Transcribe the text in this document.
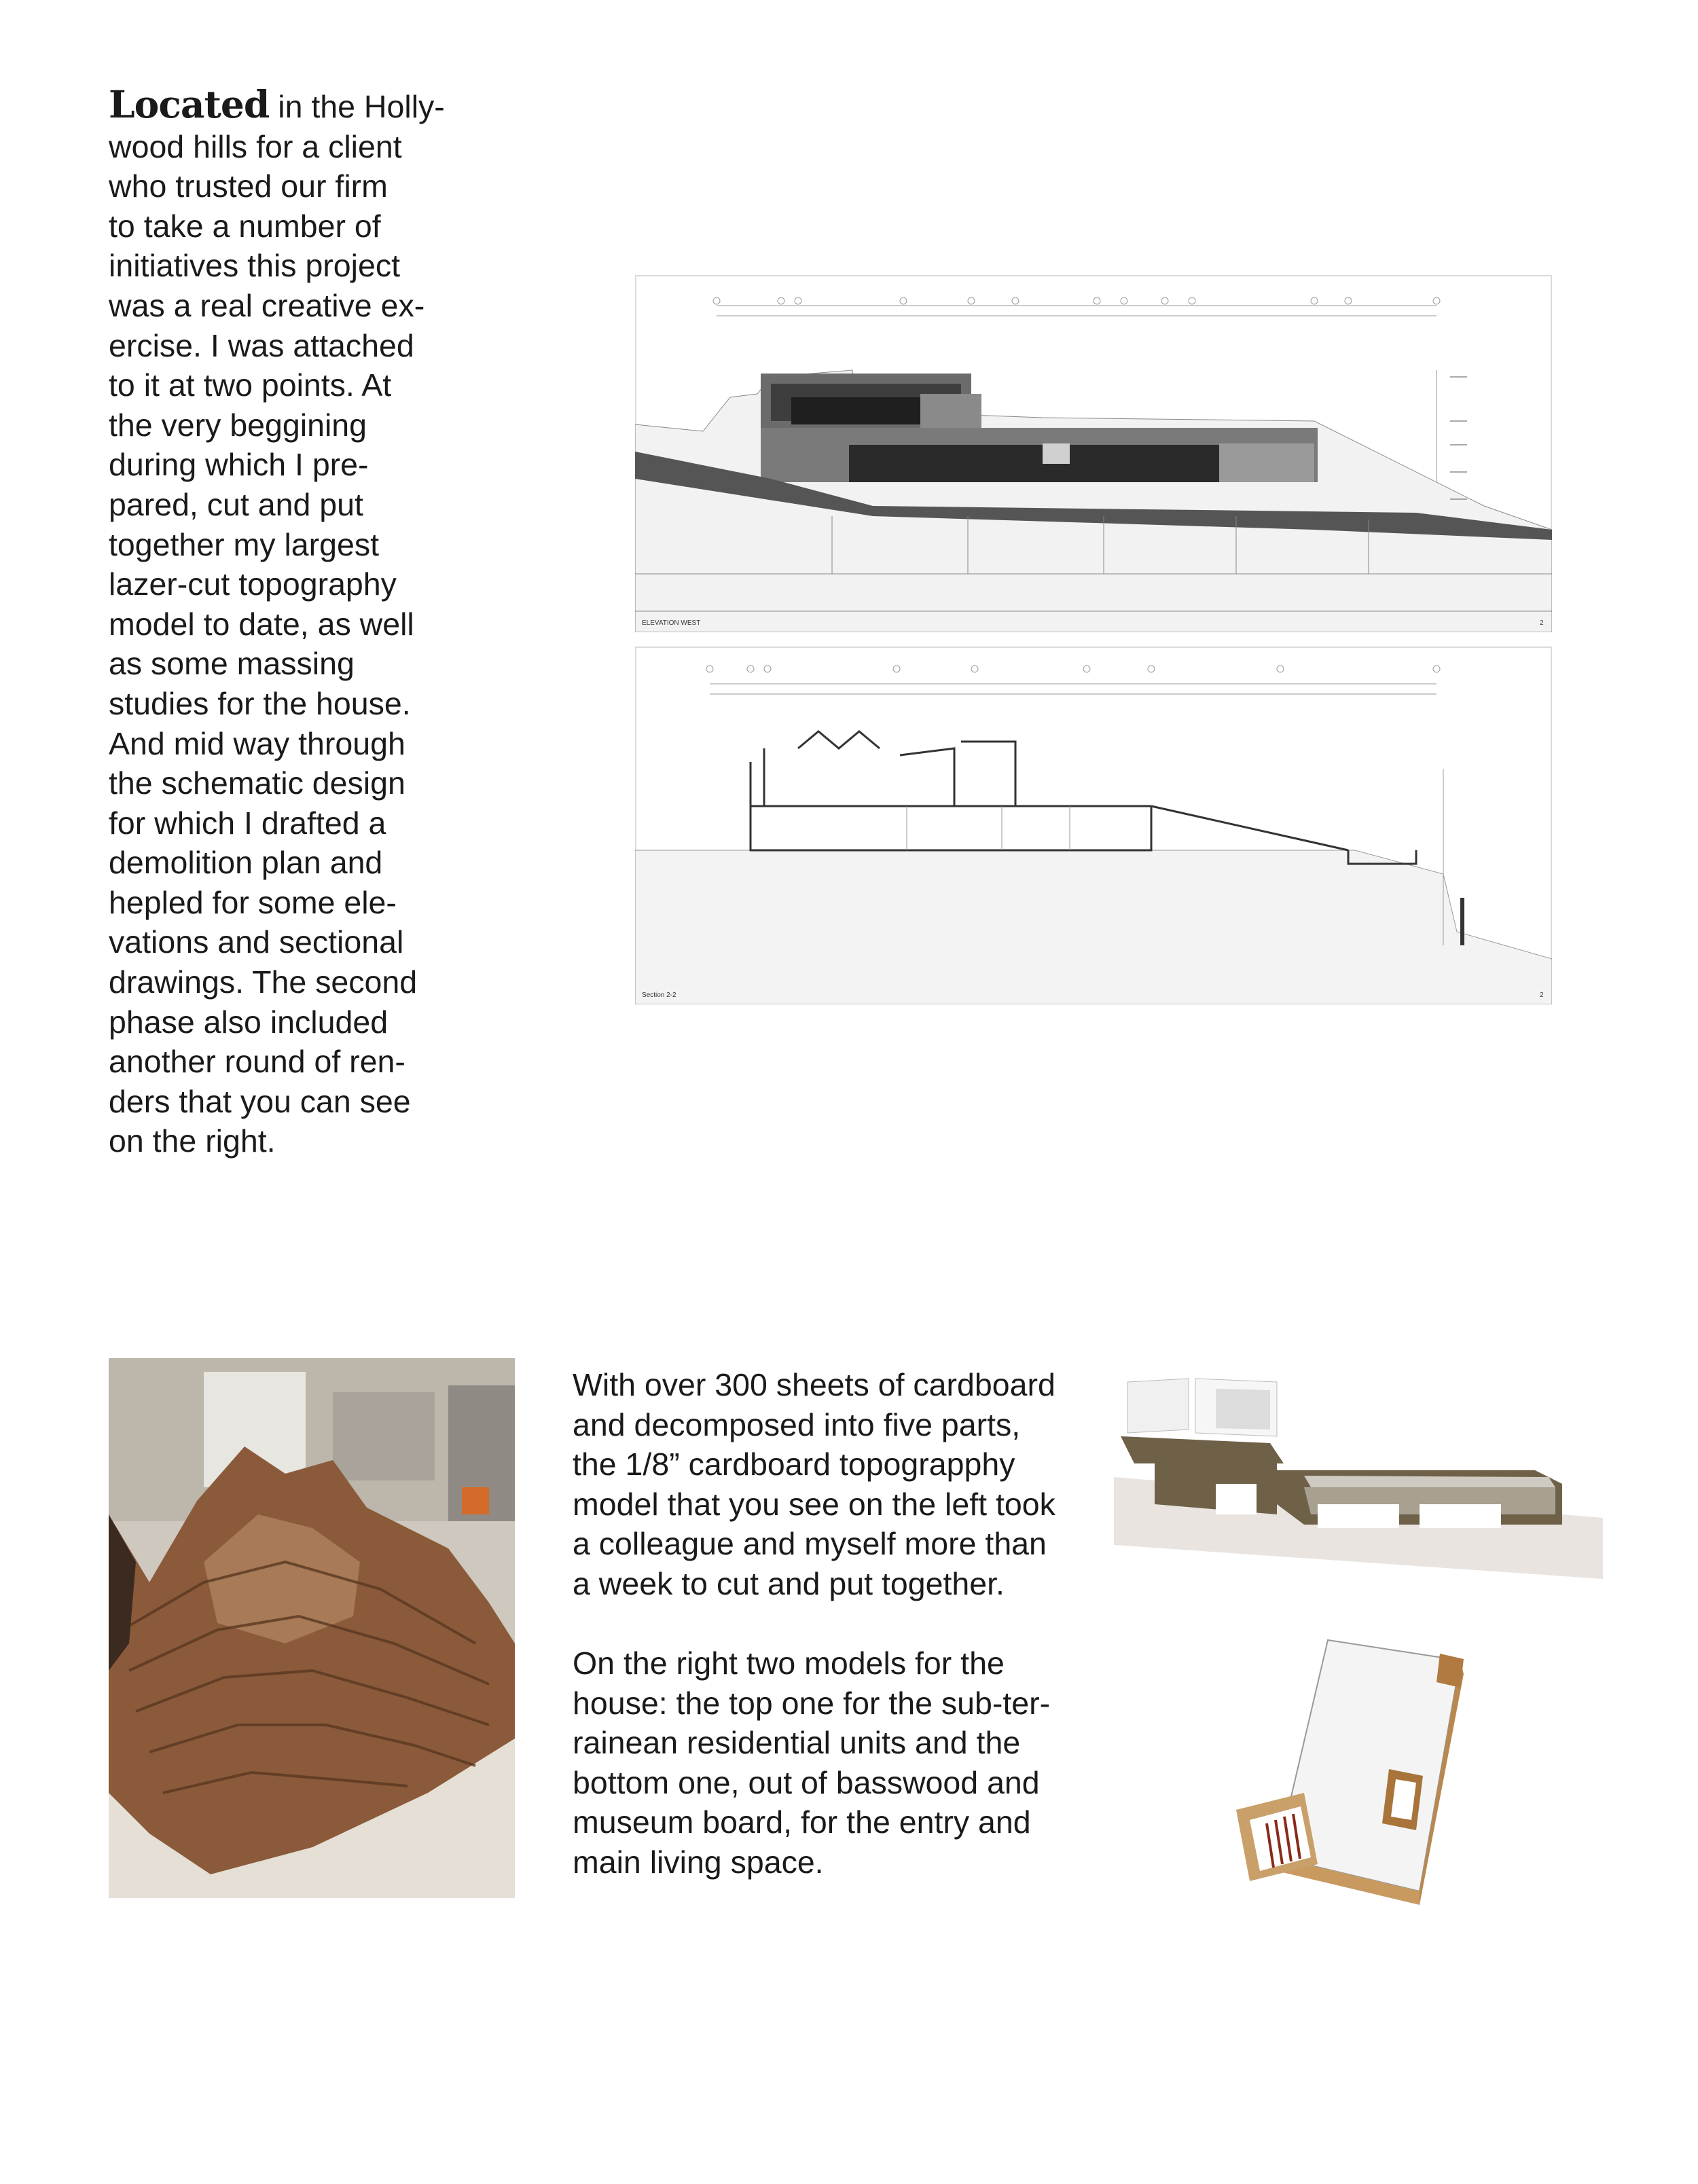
Located in the Holly-
wood hills for a client
who trusted our firm
to take a number of
initiatives this project
was a real creative ex-
ercise. I was attached
to it at two points. At
the very beggining
during which I pre-
pared, cut and put
together my largest
lazer-cut topography
model to date, as well
as some massing
studies for the house.
And mid way through
the schematic design
for which I drafted a
demolition plan and
hepled for some ele-
vations and sectional
drawings. The second
phase also included
another round of ren-
ders that you can see
on the right.

ELEVATION WEST	2
Section 2-2	2

With over 300 sheets of cardboard
and decomposed into five parts,
the 1/8” cardboard topograpphy
model that you see on the left took
a colleague and myself more than
a week to cut and put together.

On the right two models for the
house: the top one for the sub-ter-
rainean residential units and the
bottom one, out of basswood and
museum board, for the entry and
main living space.
